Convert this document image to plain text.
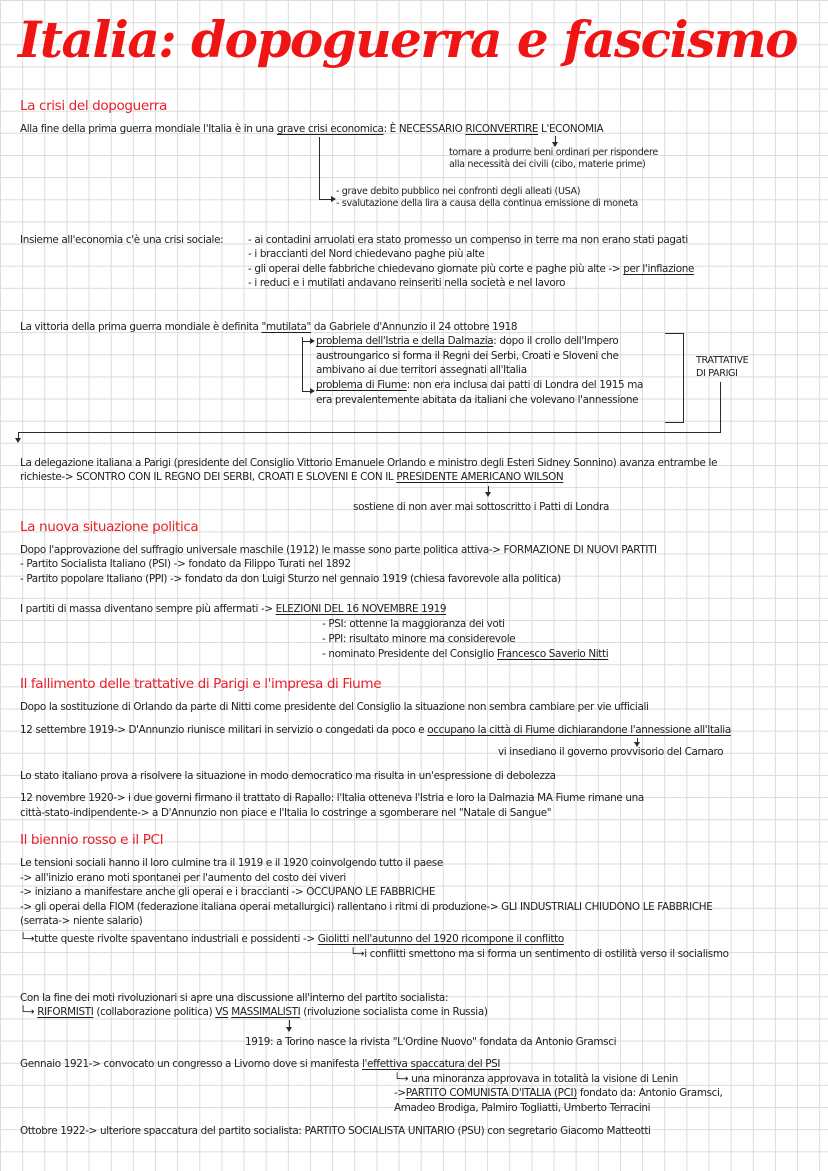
Italia: dopoguerra e fascismo
La crisi del dopoguerra
Alla fine della prima guerra mondiale l'Italia è in una grave crisi economica: È NECESSARIO RICONVERTIRE L'ECONOMIA
tornare a produrre beni ordinari per rispondere
alla necessità dei civili (cibo, materie prime)
- grave debito pubblico nei confronti degli alleati (USA)
- svalutazione della lira a causa della continua emissione di moneta
Insieme all'economia c'è una crisi sociale: - ai contadini arruolati era stato promesso un compenso in terre ma non erano stati pagati
- i braccianti del Nord chiedevano paghe più alte
- gli operai delle fabbriche chiedevano giornate più corte e paghe più alte -> per l'inflazione
- i reduci e i mutilati andavano reinseriti nella società e nel lavoro
La vittoria della prima guerra mondiale è definita "mutilata" da Gabriele d'Annunzio il 24 ottobre 1918
problema dell'Istria e della Dalmazia: dopo il crollo dell'Impero
austroungarico si forma il Regni dei Serbi, Croati e Sloveni che
ambivano ai due territori assegnati all'Italia
problema di Fiume: non era inclusa dai patti di Londra del 1915 ma
era prevalentemente abitata da italiani che volevano l'annessione
TRATTATIVE
DI PARIGI
La delegazione italiana a Parigi (presidente del Consiglio Vittorio Emanuele Orlando e ministro degli Esteri Sidney Sonnino) avanza entrambe le
richieste-> SCONTRO CON IL REGNO DEI SERBI, CROATI E SLOVENI E CON IL PRESIDENTE AMERICANO WILSON
sostiene di non aver mai sottoscritto i Patti di Londra
La nuova situazione politica
Dopo l'approvazione del suffragio universale maschile (1912) le masse sono parte politica attiva-> FORMAZIONE DI NUOVI PARTITI
- Partito Socialista Italiano (PSI) -> fondato da Filippo Turati nel 1892
- Partito popolare Italiano (PPI) -> fondato da don Luigi Sturzo nel gennaio 1919 (chiesa favorevole alla politica)
I partiti di massa diventano sempre più affermati -> ELEZIONI DEL 16 NOVEMBRE 1919
- PSI: ottenne la maggioranza dei voti
- PPI: risultato minore ma considerevole
- nominato Presidente del Consiglio Francesco Saverio Nitti
Il fallimento delle trattative di Parigi e l'impresa di Fiume
Dopo la sostituzione di Orlando da parte di Nitti come presidente del Consiglio la situazione non sembra cambiare per vie ufficiali
12 settembre 1919-> D'Annunzio riunisce militari in servizio o congedati da poco e occupano la città di Fiume dichiarandone l'annessione all'Italia
vi insediano il governo provvisorio del Carnaro
Lo stato italiano prova a risolvere la situazione in modo democratico ma risulta in un'espressione di debolezza
12 novembre 1920-> i due governi firmano il trattato di Rapallo: l'Italia otteneva l'Istria e loro la Dalmazia MA Fiume rimane una
città-stato-indipendente-> a D'Annunzio non piace e l'Italia lo costringe a sgomberare nel "Natale di Sangue"
Il biennio rosso e il PCI
Le tensioni sociali hanno il loro culmine tra il 1919 e il 1920 coinvolgendo tutto il paese
-> all'inizio erano moti spontanei per l'aumento del costo dei viveri
-> iniziano a manifestare anche gli operai e i braccianti -> OCCUPANO LE FABBRICHE
-> gli operai della FIOM (federazione italiana operai metallurgici) rallentano i ritmi di produzione-> GLI INDUSTRIALI CHIUDONO LE FABBRICHE
(serrata-> niente salario)
└→tutte queste rivolte spaventano industriali e possidenti -> Giolitti nell'autunno del 1920 ricompone il conflitto
└→i conflitti smettono ma si forma un sentimento di ostilità verso il socialismo
Con la fine dei moti rivoluzionari si apre una discussione all'interno del partito socialista:
└→ RIFORMISTI (collaborazione politica) VS MASSIMALISTI (rivoluzione socialista come in Russia)
1919: a Torino nasce la rivista "L'Ordine Nuovo" fondata da Antonio Gramsci
Gennaio 1921-> convocato un congresso a Livorno dove si manifesta l'effettiva spaccatura del PSI
└→ una minoranza approvava in totalità la visione di Lenin
->PARTITO COMUNISTA D'ITALIA (PCI) fondato da: Antonio Gramsci,
Amadeo Brodiga, Palmiro Togliatti, Umberto Terracini
Ottobre 1922-> ulteriore spaccatura del partito socialista: PARTITO SOCIALISTA UNITARIO (PSU) con segretario Giacomo Matteotti
